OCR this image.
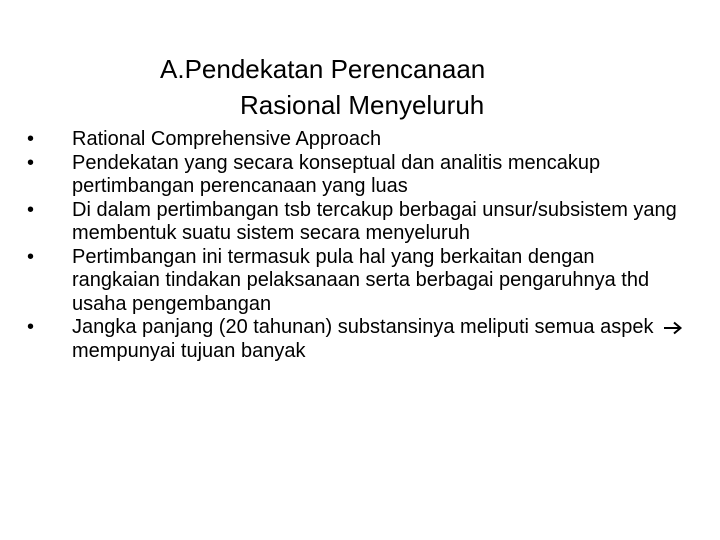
A.Pendekatan Perencanaan
Rasional Menyeluruh
•	Rational Comprehensive Approach
•	Pendekatan yang secara konseptual dan analitis mencakup pertimbangan perencanaan yang luas
•	Di dalam pertimbangan tsb tercakup berbagai unsur/subsistem yang membentuk suatu sistem secara menyeluruh
•	Pertimbangan ini termasuk pula hal yang berkaitan dengan rangkaian tindakan pelaksanaan serta berbagai pengaruhnya thd usaha pengembangan
•	Jangka panjang (20 tahunan) substansinya meliputi semua aspek
mempunyai tujuan banyak
